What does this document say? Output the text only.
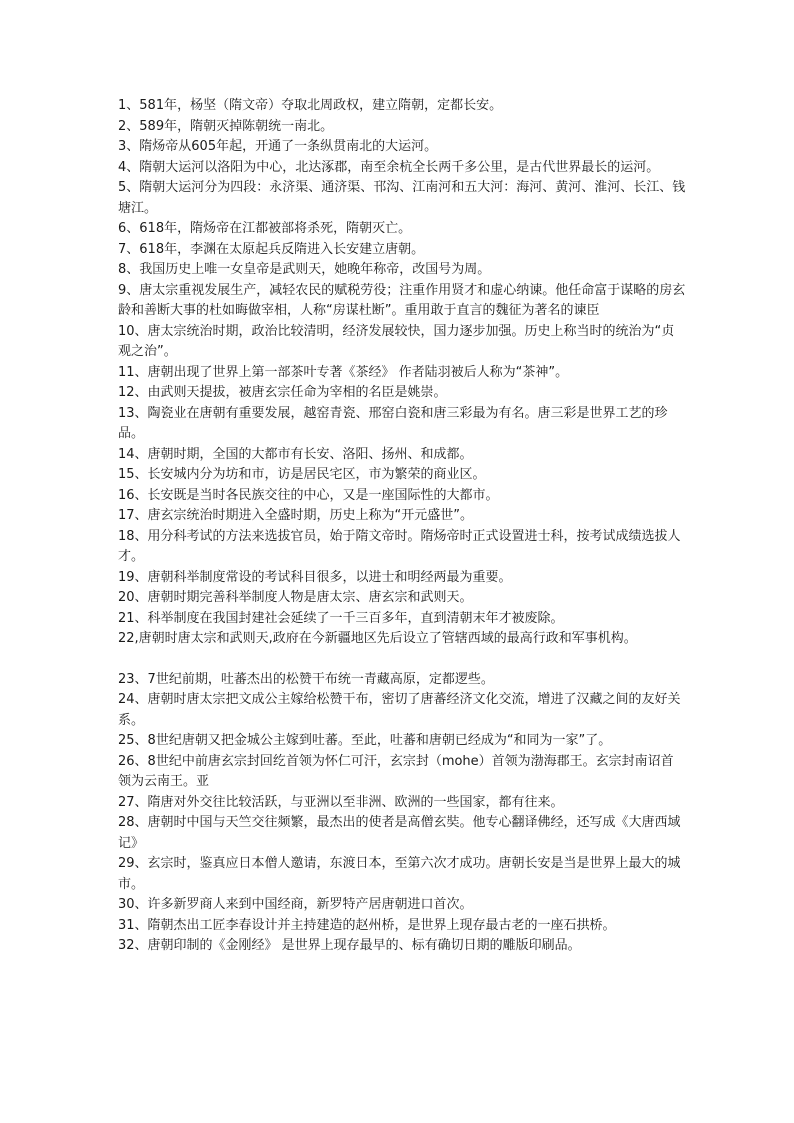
1、581年，杨坚（隋文帝）夺取北周政权，建立隋朝，定都长安。

2、589年，隋朝灭掉陈朝统一南北。

3、隋炀帝从605年起，开通了一条纵贯南北的大运河。

4、隋朝大运河以洛阳为中心，北达涿郡，南至余杭全长两千多公里，是古代世界最长的运河。

5、隋朝大运河分为四段：永济渠、通济渠、邗沟、江南河和五大河：海河、黄河、淮河、长江、钱塘江。

6、618年，隋炀帝在江都被部将杀死，隋朝灭亡。

7、618年，李渊在太原起兵反隋进入长安建立唐朝。

8、我国历史上唯一女皇帝是武则天，她晚年称帝，改国号为周。

9、唐太宗重视发展生产，减轻农民的赋税劳役；注重作用贤才和虚心纳谏。他任命富于谋略的房玄龄和善断大事的杜如晦做宰相，人称“房谋杜断”。重用敢于直言的魏征为著名的谏臣

10、唐太宗统治时期，政治比较清明，经济发展较快，国力逐步加强。历史上称当时的统治为“贞观之治”。

11、唐朝出现了世界上第一部茶叶专著《茶经》 作者陆羽被后人称为“茶神”。

12、由武则天提拔，被唐玄宗任命为宰相的名臣是姚崇。

13、陶瓷业在唐朝有重要发展，越窑青瓷、邢窑白瓷和唐三彩最为有名。唐三彩是世界工艺的珍品。

14、唐朝时期，全国的大都市有长安、洛阳、扬州、和成都。

15、长安城内分为坊和市，访是居民宅区，市为繁荣的商业区。

16、长安既是当时各民族交往的中心，又是一座国际性的大都市。

17、唐玄宗统治时期进入全盛时期，历史上称为“开元盛世”。

18、用分科考试的方法来选拔官员，始于隋文帝时。隋炀帝时正式设置进士科，按考试成绩选拔人才。

19、唐朝科举制度常设的考试科目很多，以进士和明经两最为重要。

20、唐朝时期完善科举制度人物是唐太宗、唐玄宗和武则天。

21、科举制度在我国封建社会延续了一千三百多年，直到清朝末年才被废除。

22,唐朝时唐太宗和武则天,政府在今新疆地区先后设立了管辖西域的最高行政和军事机构。

23、7世纪前期，吐蕃杰出的松赞干布统一青藏高原，定都逻些。

24、唐朝时唐太宗把文成公主嫁给松赞干布，密切了唐蕃经济文化交流，增进了汉藏之间的友好关系。

25、8世纪唐朝又把金城公主嫁到吐蕃。至此，吐蕃和唐朝已经成为“和同为一家”了。

26、8世纪中前唐玄宗封回纥首领为怀仁可汗，玄宗封（mohe）首领为渤海郡王。玄宗封南诏首领为云南王。亚

27、隋唐对外交往比较活跃，与亚洲以至非洲、欧洲的一些国家，都有往来。

28、唐朝时中国与天竺交往频繁，最杰出的使者是高僧玄奘。他专心翻译佛经，还写成《大唐西域记》

29、玄宗时，鉴真应日本僧人邀请，东渡日本，至第六次才成功。唐朝长安是当是世界上最大的城市。

30、许多新罗商人来到中国经商，新罗特产居唐朝进口首次。

31、隋朝杰出工匠李春设计并主持建造的赵州桥，是世界上现存最古老的一座石拱桥。

32、唐朝印制的《金刚经》 是世界上现存最早的、标有确切日期的雕版印刷品。
